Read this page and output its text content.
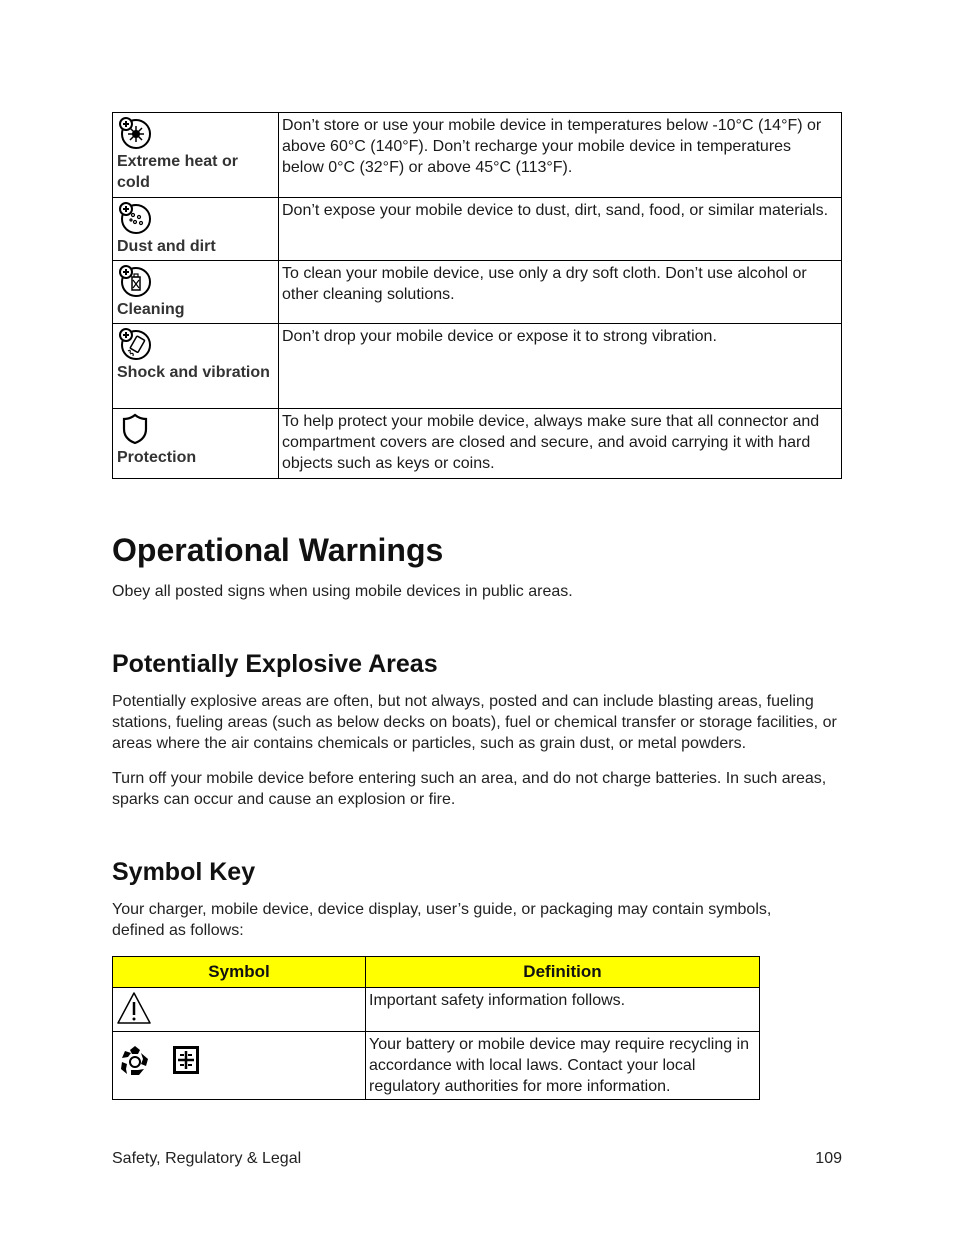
Extreme heat or cold	Don’t store or use your mobile device in temperatures below -10°C (14°F) or above 60°C (140°F). Don’t recharge your mobile device in temperatures below 0°C (32°F) or above 45°C (113°F).

Dust and dirt	Don’t expose your mobile device to dust, dirt, sand, food, or similar materials.

Cleaning	To clean your mobile device, use only a dry soft cloth. Don’t use alcohol or other cleaning solutions.

Shock and vibration	Don’t drop your mobile device or expose it to strong vibration.

Protection	To help protect your mobile device, always make sure that all connector and compartment covers are closed and secure, and avoid carrying it with hard objects such as keys or coins.
Operational Warnings

Obey all posted signs when using mobile devices in public areas.

Potentially Explosive Areas

Potentially explosive areas are often, but not always, posted and can include blasting areas, fueling stations, fueling areas (such as below decks on boats), fuel or chemical transfer or storage facilities, or areas where the air contains chemicals or particles, such as grain dust, or metal powders.

Turn off your mobile device before entering such an area, and do not charge batteries. In such areas, sparks can occur and cause an explosion or fire.

Symbol Key

Your charger, mobile device, device display, user’s guide, or packaging may contain symbols, defined as follows:

Symbol	Definition
	Important safety information follows.

	Your battery or mobile device may require recycling in accordance with local laws. Contact your local regulatory authorities for more information.

Safety, Regulatory & Legal	109
